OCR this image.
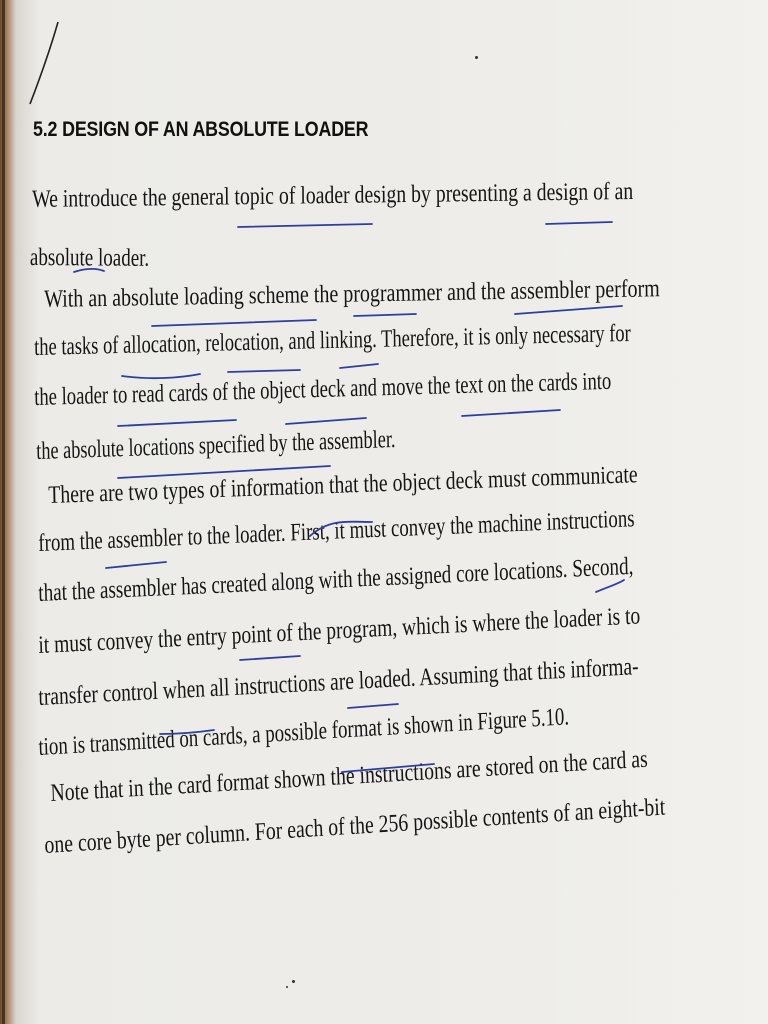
5.2 DESIGN OF AN ABSOLUTE LOADER
We introduce the general topic of loader design by presenting a design of an
absolute loader.
With an absolute loading scheme the programmer and the assembler perform
the tasks of allocation, relocation, and linking. Therefore, it is only necessary for
the loader to read cards of the object deck and move the text on the cards into
the absolute locations specified by the assembler.
There are two types of information that the object deck must communicate
from the assembler to the loader. First, it must convey the machine instructions
that the assembler has created along with the assigned core locations. Second,
it must convey the entry point of the program, which is where the loader is to
transfer control when all instructions are loaded. Assuming that this informa-
tion is transmitted on cards, a possible format is shown in Figure 5.10.
Note that in the card format shown the instructions are stored on the card as
one core byte per column. For each of the 256 possible contents of an eight-bit
